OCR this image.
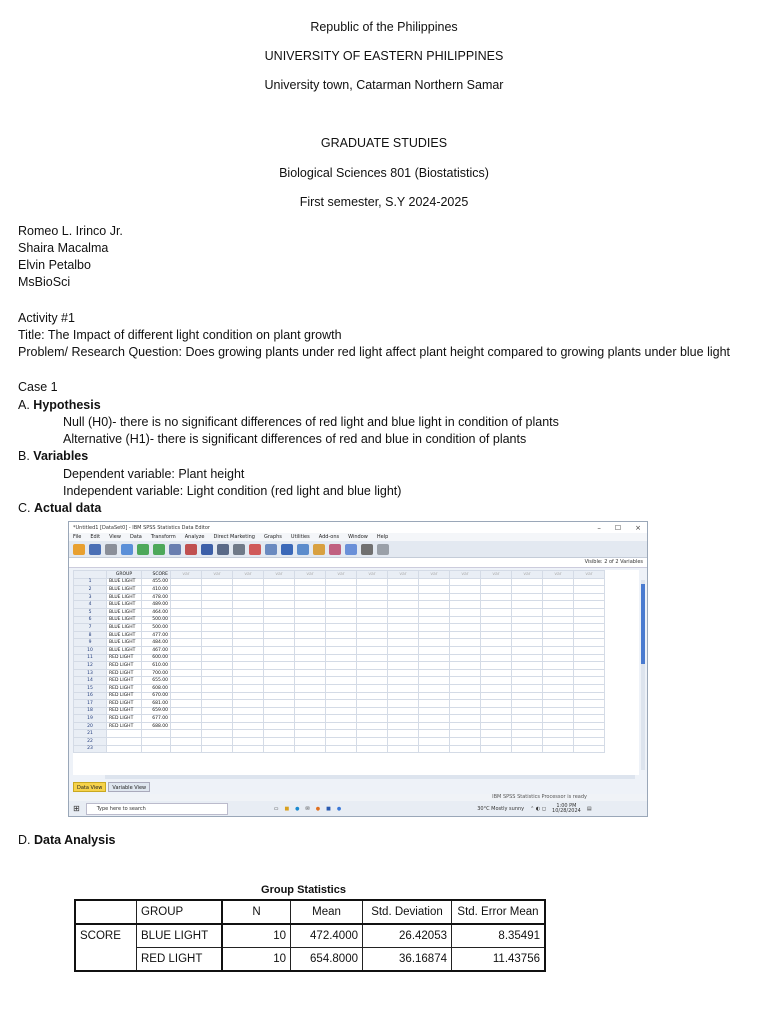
Republic of the Philippines
UNIVERSITY OF EASTERN PHILIPPINES
University town, Catarman Northern Samar
GRADUATE STUDIES
Biological Sciences 801 (Biostatistics)
First semester, S.Y 2024-2025
Romeo L. Irinco Jr.
Shaira Macalma
Elvin Petalbo
MsBioSci
Activity #1
Title: The Impact of different light condition on plant growth
Problem/ Research Question: Does growing plants under red light affect plant height compared to growing plants under blue light
Case 1
A. Hypothesis
Null (H0)- there is no significant differences of red light and blue light in condition of plants
Alternative (H1)- there is significant differences of red and blue in condition of plants
B. Variables
Dependent variable: Plant height
Independent variable: Light condition (red light and blue light)
C. Actual data
*Untitled1 [DataSet0] - IBM SPSS Statistics Data Editor	– ☐ ×
File Edit View Data Transform Analyze Direct Marketing Graphs Utilities Add-ons Window Help
Visible: 2 of 2 Variables
	GROUP	SCORE	var	var	var	var	var	var	var	var	var	var	var	var	var	var
1	BLUE LIGHT	455.00														
2	BLUE LIGHT	410.00														
3	BLUE LIGHT	478.00														
4	BLUE LIGHT	489.00														
5	BLUE LIGHT	464.00														
6	BLUE LIGHT	500.00														
7	BLUE LIGHT	500.00														
8	BLUE LIGHT	477.00														
9	BLUE LIGHT	484.00														
10	BLUE LIGHT	467.00														
11	RED LIGHT	600.00														
12	RED LIGHT	610.00														
13	RED LIGHT	700.00														
14	RED LIGHT	655.00														
15	RED LIGHT	608.00														
16	RED LIGHT	670.00														
17	RED LIGHT	681.00														
18	RED LIGHT	659.00														
19	RED LIGHT	677.00														
20	RED LIGHT	688.00														
21																
22																
23																
Data View	Variable View
IBM SPSS Statistics Processor is ready
⊞	Type here to search	▭ ■ ● ✉ ● ■ ●	30°C Mostly sunny ⌃ ◐ ◻	1:00 PM
10/28/2024 ▤
D. Data Analysis
Group Statistics
	GROUP	N	Mean	Std. Deviation	Std. Error Mean
SCORE	BLUE LIGHT	10	472.4000	26.42053	8.35491
	RED LIGHT	10	654.8000	36.16874	11.43756
